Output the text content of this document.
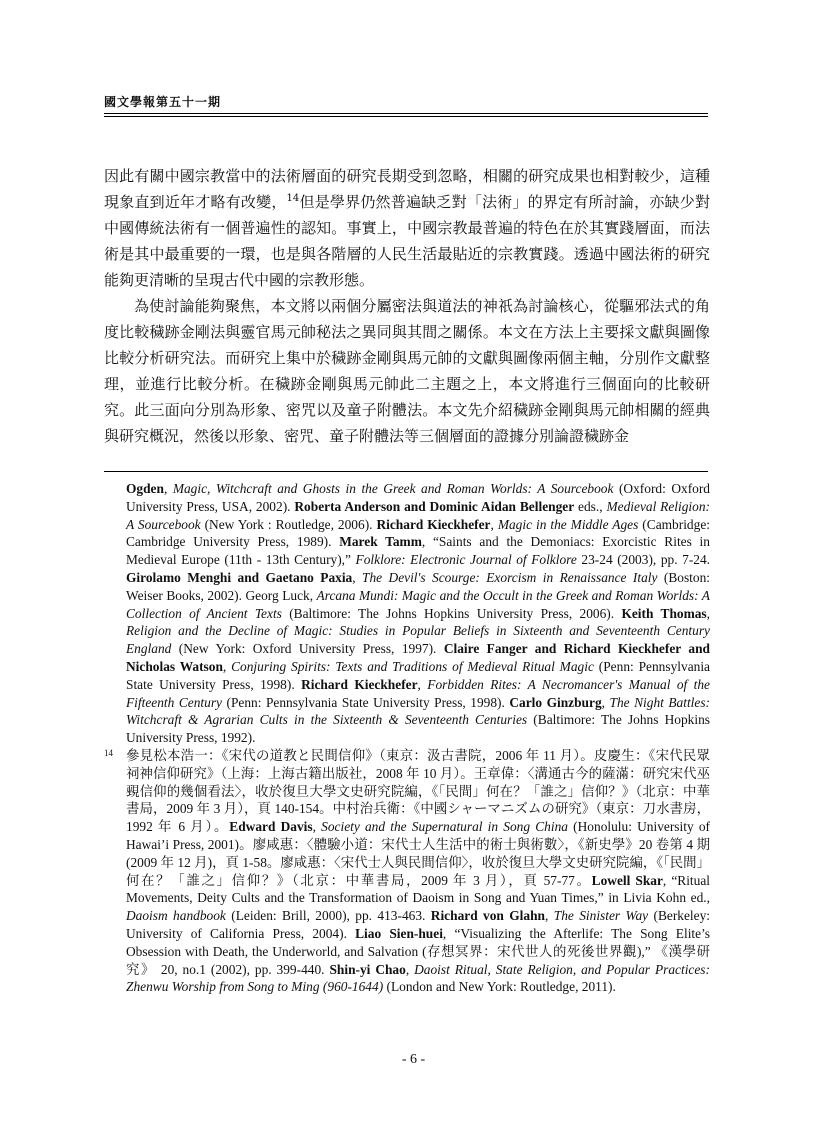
國文學報第五十一期

因此有關中國宗教當中的法術層面的研究長期受到忽略，相關的研究成果也相對較少，這種現象直到近年才略有改變，$^{14}$但是學界仍然普遍缺乏對「法術」的界定有所討論，亦缺少對中國傳統法術有一個普遍性的認知。事實上，中國宗教最普遍的特色在於其實踐層面，而法術是其中最重要的一環，也是與各階層的人民生活最貼近的宗教實踐。透過中國法術的研究能夠更清晰的呈現古代中國的宗教形態。

為使討論能夠聚焦，本文將以兩個分屬密法與道法的神祇為討論核心，從驅邪法式的角度比較穢跡金剛法與靈官馬元帥秘法之異同與其間之關係。本文在方法上主要採文獻與圖像比較分析研究法。而研究上集中於穢跡金剛與馬元帥的文獻與圖像兩個主軸，分別作文獻整理，並進行比較分析。在穢跡金剛與馬元帥此二主題之上，本文將進行三個面向的比較研究。此三面向分別為形象、密咒以及童子附體法。本文先介紹穢跡金剛與馬元帥相關的經典與研究概況，然後以形象、密咒、童子附體法等三個層面的證據分別論證穢跡金

Ogden, Magic, Witchcraft and Ghosts in the Greek and Roman Worlds: A Sourcebook (Oxford: Oxford University Press, USA, 2002). Roberta Anderson and Dominic Aidan Bellenger eds., Medieval Religion: A Sourcebook (New York : Routledge, 2006). Richard Kieckhefer, Magic in the Middle Ages (Cambridge: Cambridge University Press, 1989). Marek Tamm, “Saints and the Demoniacs: Exorcistic Rites in Medieval Europe (11th - 13th Century),” Folklore: Electronic Journal of Folklore 23-24 (2003), pp. 7-24. Girolamo Menghi and Gaetano Paxia, The Devil's Scourge: Exorcism in Renaissance Italy (Boston: Weiser Books, 2002). Georg Luck, Arcana Mundi: Magic and the Occult in the Greek and Roman Worlds: A Collection of Ancient Texts (Baltimore: The Johns Hopkins University Press, 2006). Keith Thomas, Religion and the Decline of Magic: Studies in Popular Beliefs in Sixteenth and Seventeenth Century England (New York: Oxford University Press, 1997). Claire Fanger and Richard Kieckhefer and Nicholas Watson, Conjuring Spirits: Texts and Traditions of Medieval Ritual Magic (Penn: Pennsylvania State University Press, 1998). Richard Kieckhefer, Forbidden Rites: A Necromancer's Manual of the Fifteenth Century (Penn: Pennsylvania State University Press, 1998). Carlo Ginzburg, The Night Battles: Witchcraft & Agrarian Cults in the Sixteenth & Seventeenth Centuries (Baltimore: The Johns Hopkins University Press, 1992).

14 參見松本浩一：《宋代の道教と民間信仰》（東京：汲古書院，2006 年 11 月）。皮慶生：《宋代民眾祠神信仰研究》（上海：上海古籍出版社，2008 年 10 月）。王章偉：〈溝通古今的薩滿：研究宋代巫覡信仰的幾個看法〉，收於復旦大學文史研究院編，《「民間」何在？「誰之」信仰？》（北京：中華書局，2009 年 3 月），頁 140-154。中村治兵衛：《中國シャーマニズムの研究》（東京：刀水書房，1992 年 6 月）。Edward Davis, Society and the Supernatural in Song China (Honolulu: University of Hawai’i Press, 2001)。廖咸惠：〈體驗小道：宋代士人生活中的術士與術數〉，《新史學》20 卷第 4 期(2009 年 12 月)，頁 1-58。廖咸惠：〈宋代士人與民間信仰〉，收於復旦大學文史研究院編，《「民間」何在？「誰之」信仰？》（北京：中華書局，2009 年 3 月），頁 57-77。Lowell Skar, “Ritual Movements, Deity Cults and the Transformation of Daoism in Song and Yuan Times,” in Livia Kohn ed., Daoism handbook (Leiden: Brill, 2000), pp. 413-463. Richard von Glahn, The Sinister Way (Berkeley: University of California Press, 2004). Liao Sien-huei, “Visualizing the Afterlife: The Song Elite’s Obsession with Death, the Underworld, and Salvation (存想冥界：宋代世人的死後世界觀),” 《漢學研究》 20, no.1 (2002), pp. 399-440. Shin-yi Chao, Daoist Ritual, State Religion, and Popular Practices: Zhenwu Worship from Song to Ming (960-1644) (London and New York: Routledge, 2011).

- 6 -
